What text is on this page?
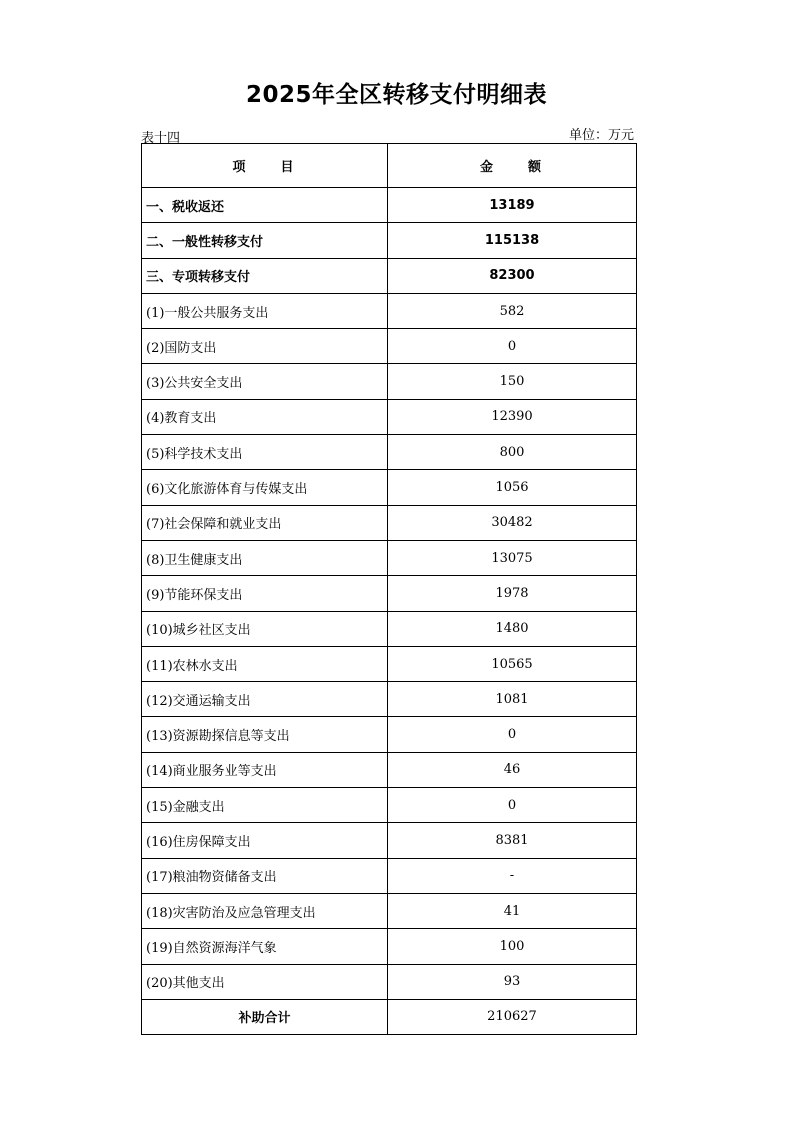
2025年全区转移支付明细表
表十四	单位：万元
项　　目	金　　额
一、税收返还	13189
二、一般性转移支付	115138
三、专项转移支付	82300
(1)一般公共服务支出	582
(2)国防支出	0
(3)公共安全支出	150
(4)教育支出	12390
(5)科学技术支出	800
(6)文化旅游体育与传媒支出	1056
(7)社会保障和就业支出	30482
(8)卫生健康支出	13075
(9)节能环保支出	1978
(10)城乡社区支出	1480
(11)农林水支出	10565
(12)交通运输支出	1081
(13)资源勘探信息等支出	0
(14)商业服务业等支出	46
(15)金融支出	0
(16)住房保障支出	8381
(17)粮油物资储备支出	-
(18)灾害防治及应急管理支出	41
(19)自然资源海洋气象	100
(20)其他支出	93
补助合计	210627
